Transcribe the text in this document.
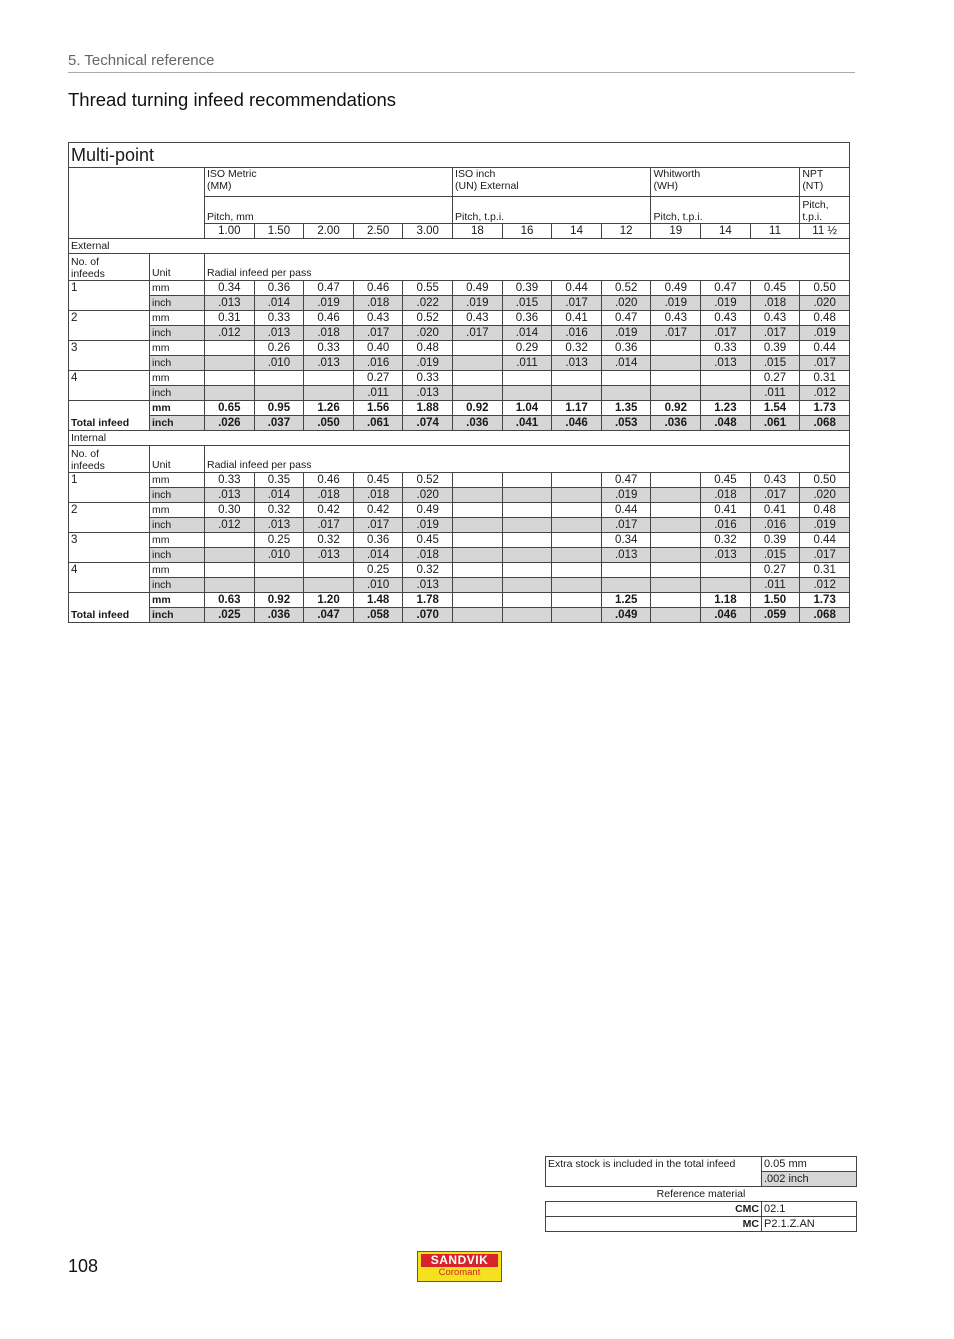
5. Technical reference
Thread turning infeed recommendations
Multi-point														
		ISO Metric
(MM)					ISO inch
(UN) External				Whitworth
(WH)			NPT
(NT)
		Pitch, mm					Pitch, t.p.i.				Pitch, t.p.i.			Pitch,
t.p.i.
		1.00	1.50	2.00	2.50	3.00	18	16	14	12	19	14	11	11 ½
External														
No. of
infeeds	Unit	Radial infeed per pass												
1	mm	0.34	0.36	0.47	0.46	0.55	0.49	0.39	0.44	0.52	0.49	0.47	0.45	0.50
	inch	.013	.014	.019	.018	.022	.019	.015	.017	.020	.019	.019	.018	.020
2	mm	0.31	0.33	0.46	0.43	0.52	0.43	0.36	0.41	0.47	0.43	0.43	0.43	0.48
	inch	.012	.013	.018	.017	.020	.017	.014	.016	.019	.017	.017	.017	.019
3	mm		0.26	0.33	0.40	0.48		0.29	0.32	0.36		0.33	0.39	0.44
	inch		.010	.013	.016	.019		.011	.013	.014		.013	.015	.017
4	mm				0.27	0.33							0.27	0.31
	inch				.011	.013							.011	.012
Total infeed	mm	0.65	0.95	1.26	1.56	1.88	0.92	1.04	1.17	1.35	0.92	1.23	1.54	1.73
	inch	.026	.037	.050	.061	.074	.036	.041	.046	.053	.036	.048	.061	.068
Internal														
No. of
infeeds	Unit	Radial infeed per pass												
1	mm	0.33	0.35	0.46	0.45	0.52				0.47		0.45	0.43	0.50
	inch	.013	.014	.018	.018	.020				.019		.018	.017	.020
2	mm	0.30	0.32	0.42	0.42	0.49				0.44		0.41	0.41	0.48
	inch	.012	.013	.017	.017	.019				.017		.016	.016	.019
3	mm		0.25	0.32	0.36	0.45				0.34		0.32	0.39	0.44
	inch		.010	.013	.014	.018				.013		.013	.015	.017
4	mm				0.25	0.32							0.27	0.31
	inch				.010	.013							.011	.012
Total infeed	mm	0.63	0.92	1.20	1.48	1.78				1.25		1.18	1.50	1.73
	inch	.025	.036	.047	.058	.070				.049		.046	.059	.068
Extra stock is included in the total infeed	0.05 mm
	.002 inch
Reference material	
CMC	02.1
MC	P2.1.Z.AN
108	SANDVIK
Coromant
